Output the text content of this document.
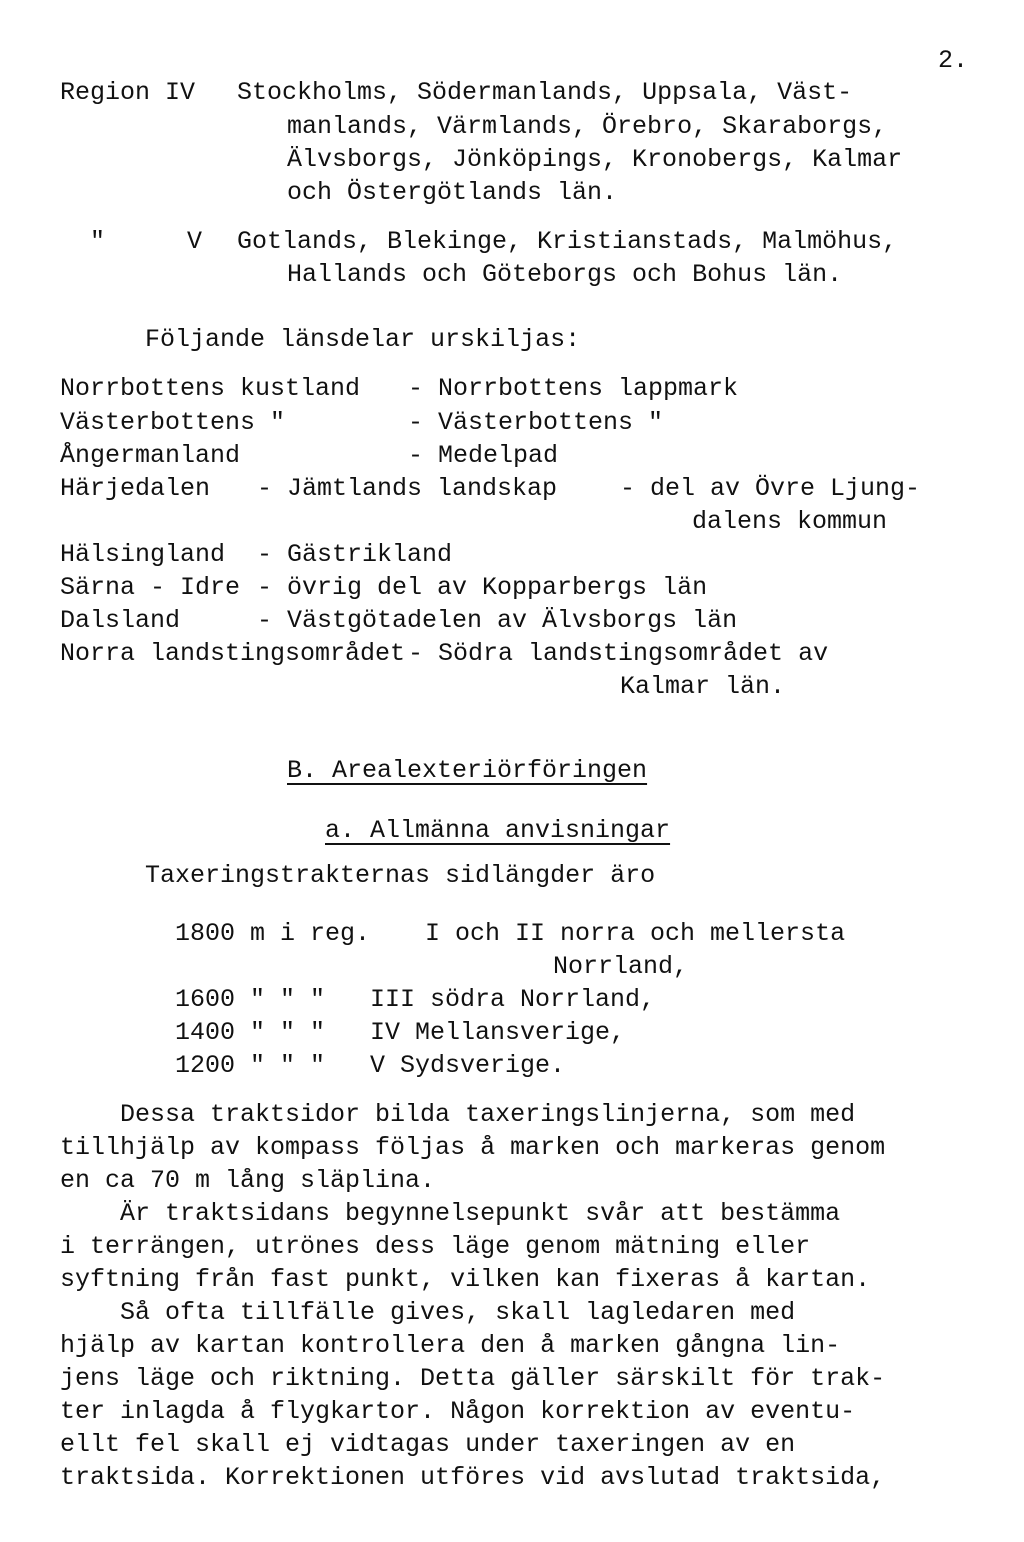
2.
Region IV Stockholms, Södermanlands, Uppsala, Väst-
manlands, Värmlands, Örebro, Skaraborgs,
Älvsborgs, Jönköpings, Kronobergs, Kalmar
och Östergötlands län.
"	V Gotlands, Blekinge, Kristianstads, Malmöhus,
Hallands och Göteborgs och Bohus län.
Följande länsdelar urskiljas:
Norrbottens kustland - Norrbottens lappmark
Västerbottens "	- Västerbottens "
Ångermanland	- Medelpad
Härjedalen - Jämtlands landskap	- del av Övre Ljung-
dalens kommun
Hälsingland - Gästrikland
Särna - Idre - övrig del av Kopparbergs län
Dalsland	- Västgötadelen av Älvsborgs län
Norra landstingsområdet - Södra landstingsområdet av
Kalmar län.
B. Arealexteriörföringen
a. Allmänna anvisningar
Taxeringstrakternas sidlängder äro
1800 m i reg. I och II norra och mellersta
Norrland,
1600 " " " III södra Norrland,
1400 " " " IV Mellansverige,
1200 " " " V Sydsverige.
Dessa traktsidor bilda taxeringslinjerna, som med
tillhjälp av kompass följas å marken och markeras genom
en ca 70 m lång släplina.
Är traktsidans begynnelsepunkt svår att bestämma
i terrängen, utrönes dess läge genom mätning eller
syftning från fast punkt, vilken kan fixeras å kartan.
Så ofta tillfälle gives, skall lagledaren med
hjälp av kartan kontrollera den å marken gångna lin-
jens läge och riktning. Detta gäller särskilt för trak-
ter inlagda å flygkartor. Någon korrektion av eventu-
ellt fel skall ej vidtagas under taxeringen av en
traktsida. Korrektionen utföres vid avslutad traktsida,
